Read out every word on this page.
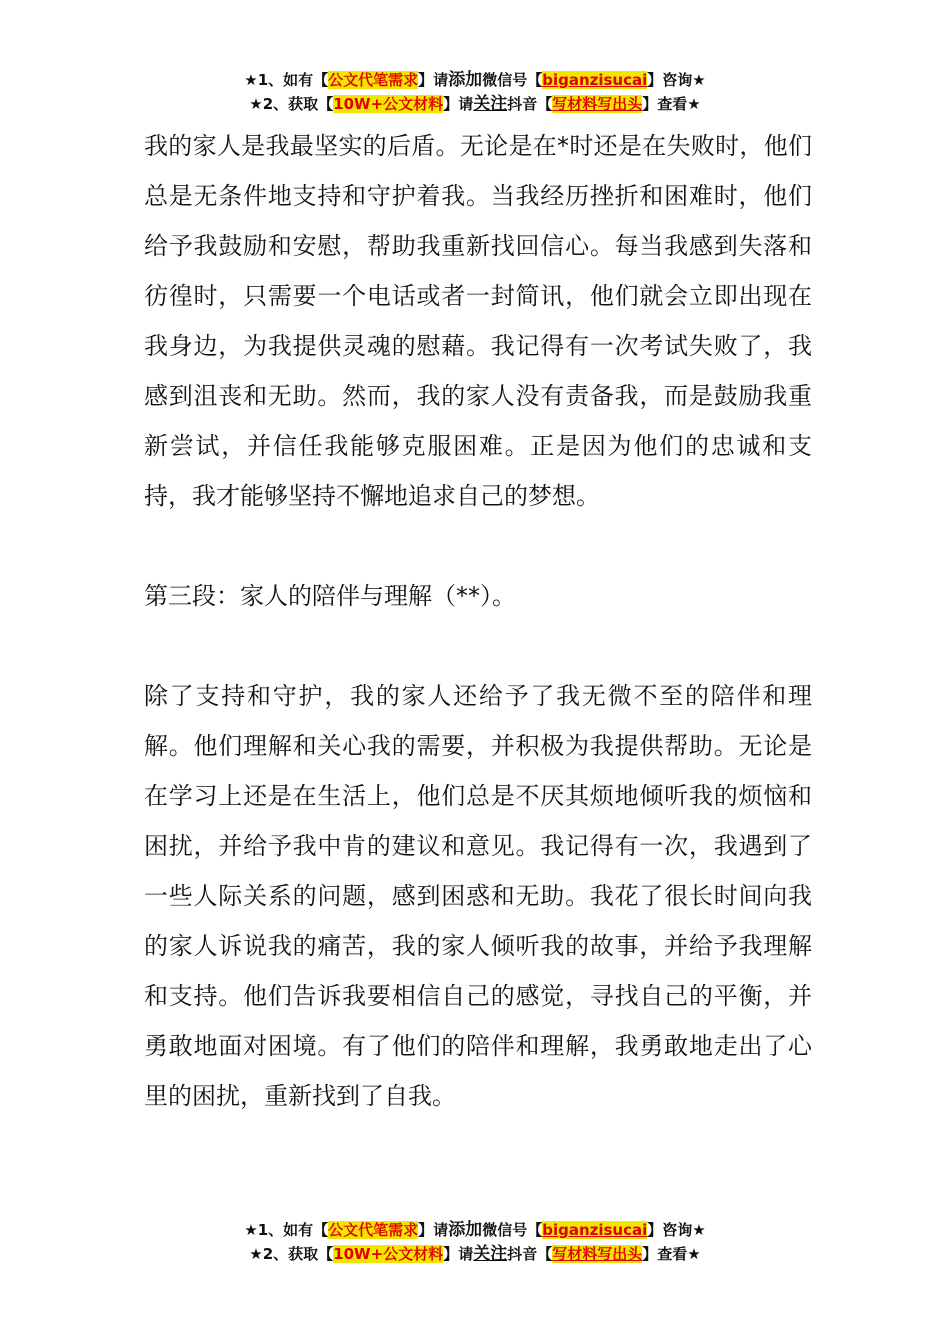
★1、如有【公文代笔需求】请添加微信号【biganzisucai】咨询★
★2、获取【10W+公文材料】请关注抖音【写材料写出头】查看★

我的家人是我最坚实的后盾。无论是在*时还是在失败时，他们总是无条件地支持和守护着我。当我经历挫折和困难时，他们给予我鼓励和安慰，帮助我重新找回信心。每当我感到失落和彷徨时，只需要一个电话或者一封简讯，他们就会立即出现在我身边，为我提供灵魂的慰藉。我记得有一次考试失败了，我感到沮丧和无助。然而，我的家人没有责备我，而是鼓励我重新尝试，并信任我能够克服困难。正是因为他们的忠诚和支持，我才能够坚持不懈地追求自己的梦想。

第三段：家人的陪伴与理解（**）。

除了支持和守护，我的家人还给予了我无微不至的陪伴和理解。他们理解和关心我的需要，并积极为我提供帮助。无论是在学习上还是在生活上，他们总是不厌其烦地倾听我的烦恼和困扰，并给予我中肯的建议和意见。我记得有一次，我遇到了一些人际关系的问题，感到困惑和无助。我花了很长时间向我的家人诉说我的痛苦，我的家人倾听我的故事，并给予我理解和支持。他们告诉我要相信自己的感觉，寻找自己的平衡，并勇敢地面对困境。有了他们的陪伴和理解，我勇敢地走出了心里的困扰，重新找到了自我。

★1、如有【公文代笔需求】请添加微信号【biganzisucai】咨询★
★2、获取【10W+公文材料】请关注抖音【写材料写出头】查看★
